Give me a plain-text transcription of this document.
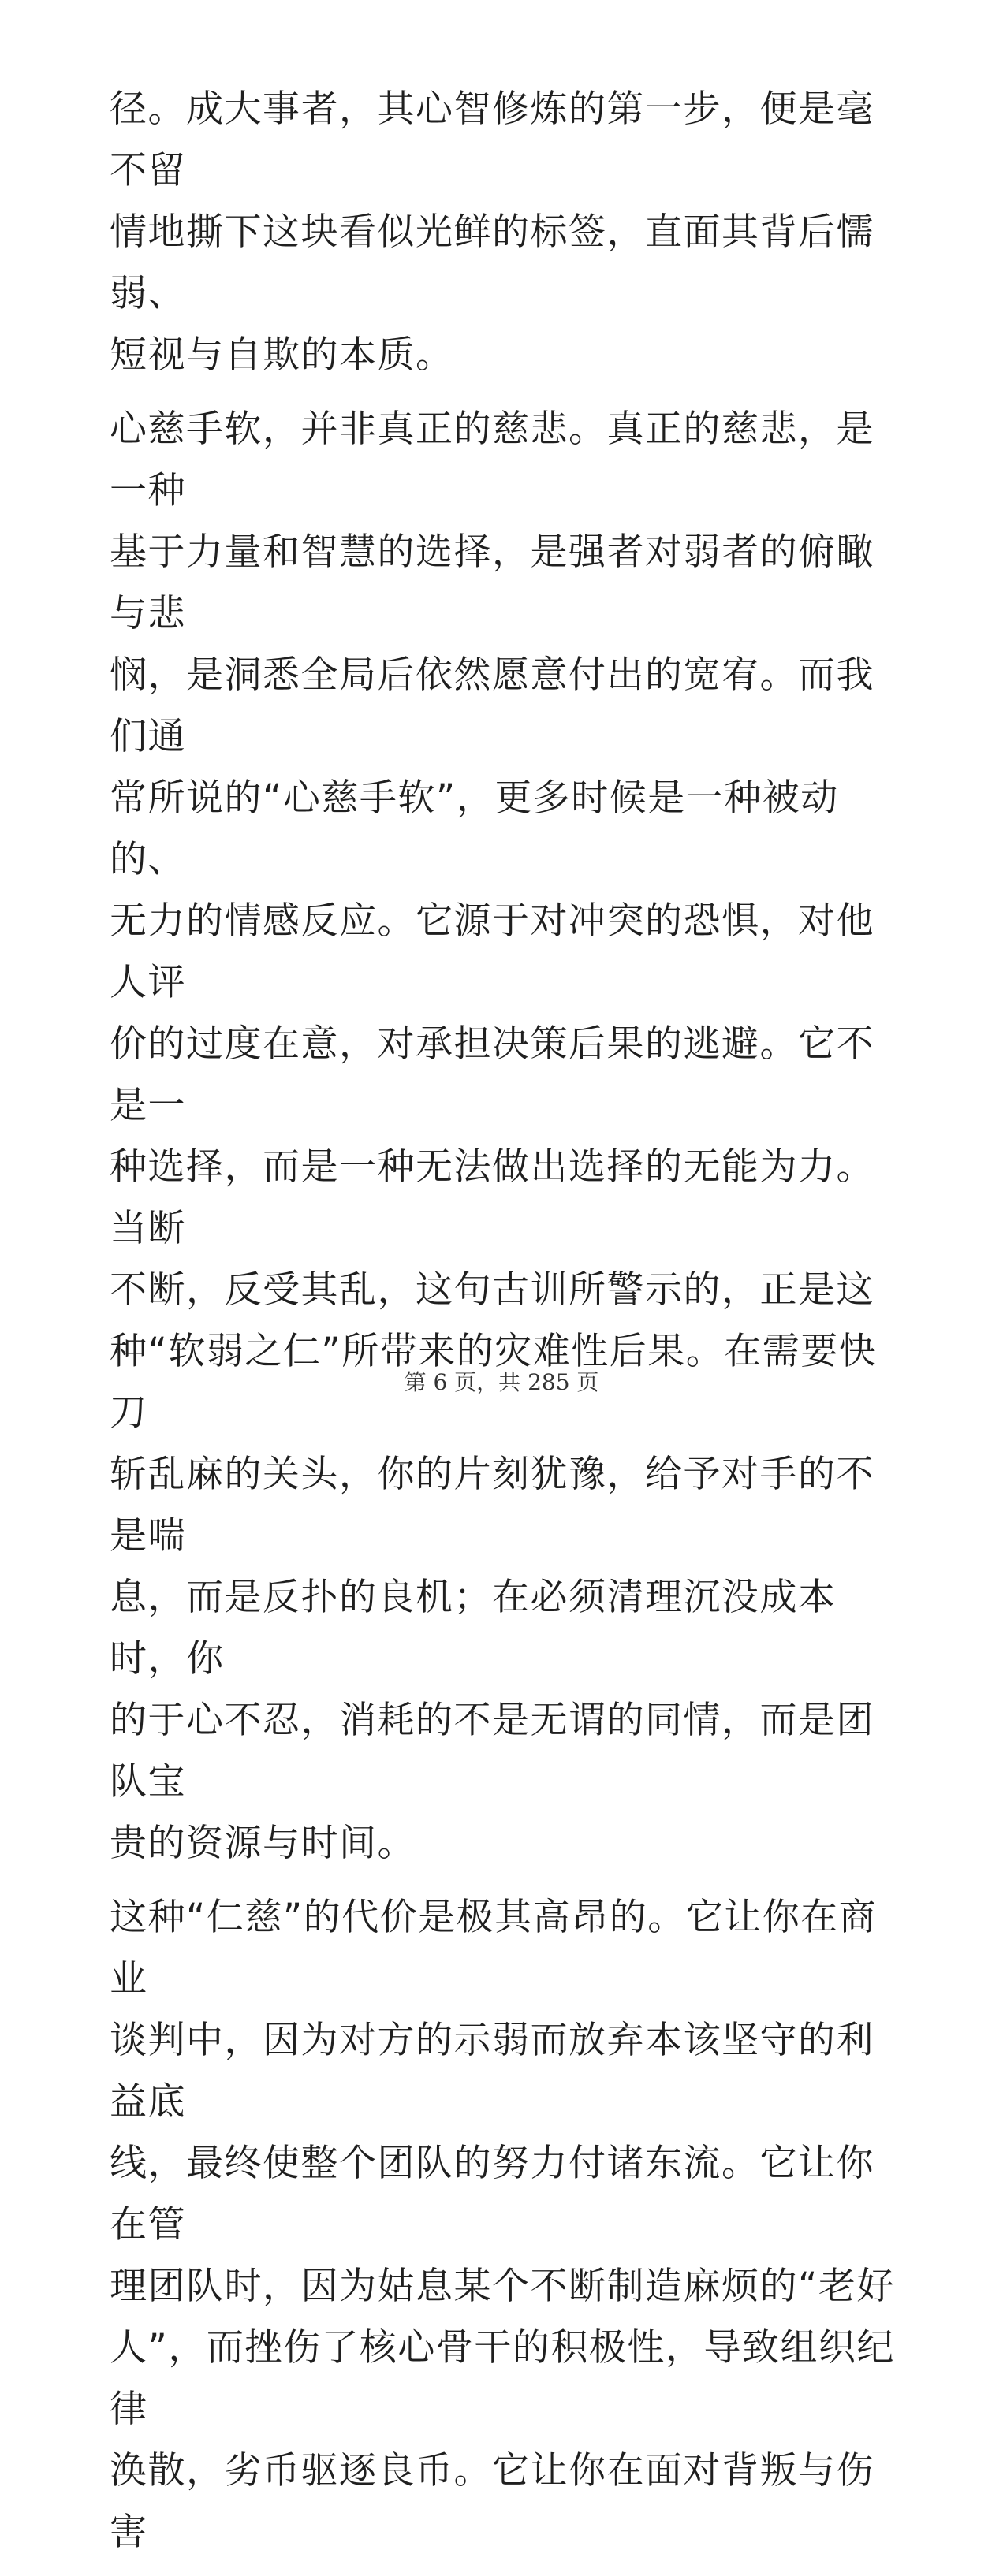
径。成大事者，其心智修炼的第一步，便是毫不留
情地撕下这块看似光鲜的标签，直面其背后懦弱、
短视与自欺的本质。

心慈手软，并非真正的慈悲。真正的慈悲，是一种
基于力量和智慧的选择，是强者对弱者的俯瞰与悲
悯，是洞悉全局后依然愿意付出的宽宥。而我们通
常所说的“心慈手软”，更多时候是一种被动的、
无力的情感反应。它源于对冲突的恐惧，对他人评
价的过度在意，对承担决策后果的逃避。它不是一
种选择，而是一种无法做出选择的无能为力。当断
不断，反受其乱，这句古训所警示的，正是这
种“软弱之仁”所带来的灾难性后果。在需要快刀
斩乱麻的关头，你的片刻犹豫，给予对手的不是喘
息，而是反扑的良机；在必须清理沉没成本时，你
的于心不忍，消耗的不是无谓的同情，而是团队宝
贵的资源与时间。

这种“仁慈”的代价是极其高昂的。它让你在商业
谈判中，因为对方的示弱而放弃本该坚守的利益底
线，最终使整个团队的努力付诸东流。它让你在管
理团队时，因为姑息某个不断制造麻烦的“老好
人”，而挫伤了核心骨干的积极性，导致组织纪律
涣散，劣币驱逐良币。它让你在面对背叛与伤害

第 6 页，共 285 页
